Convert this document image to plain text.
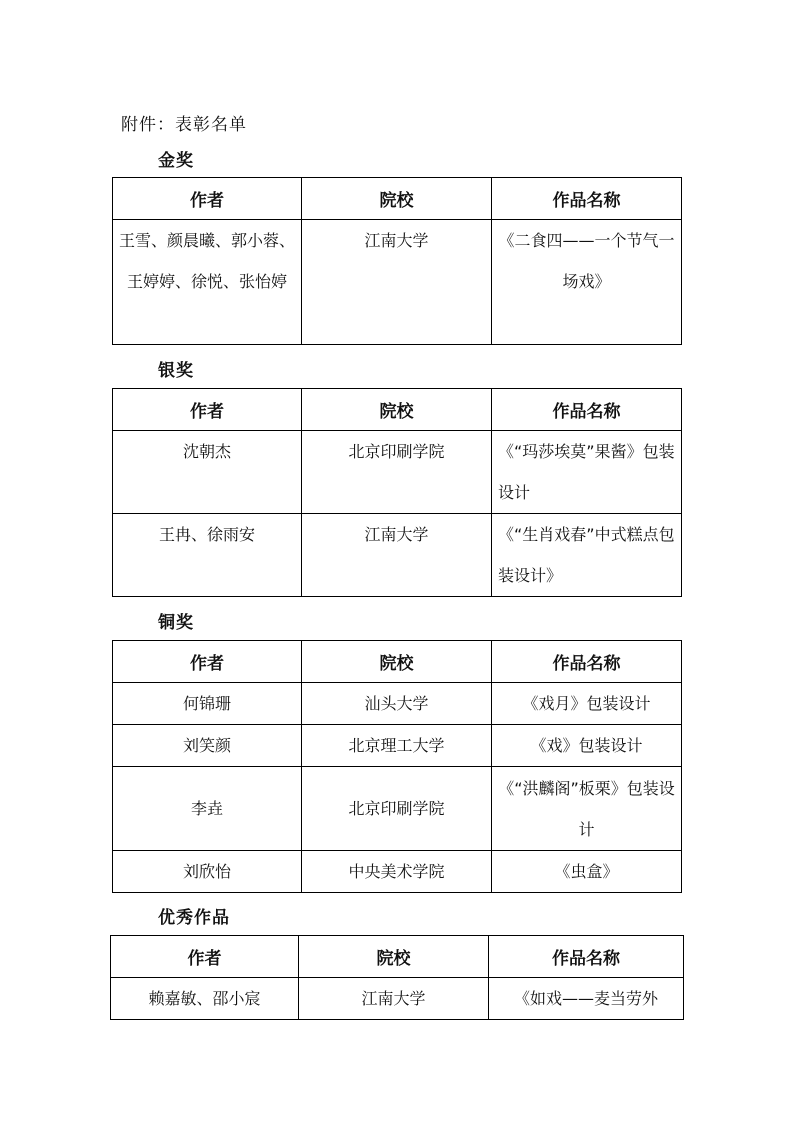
附件：表彰名单
金奖
作者	院校	作品名称
王雪、颜晨曦、郭小蓉、王婷婷、徐悦、张怡婷	江南大学	《二食四——一个节气一场戏》
银奖
作者	院校	作品名称
沈朝杰	北京印刷学院	《“玛莎埃莫”果酱》包装设计
王冉、徐雨安	江南大学	《“生肖戏春”中式糕点包装设计》
铜奖
作者	院校	作品名称
何锦珊	汕头大学	《戏月》包装设计
刘笑颜	北京理工大学	《戏》包装设计
李垚	北京印刷学院	《“洪麟阁”板栗》包装设计
刘欣怡	中央美术学院	《虫盒》
优秀作品
作者	院校	作品名称
赖嘉敏、邵小宸	江南大学	《如戏——麦当劳外
